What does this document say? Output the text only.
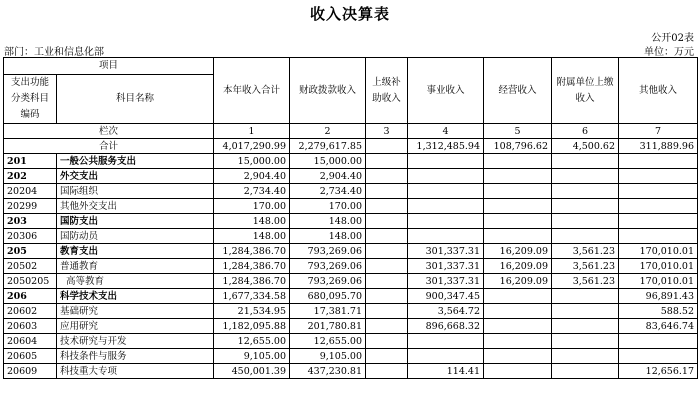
收入决算表
公开02表
部门：工业和信息化部	单位：万元
项目		本年收入合计	财政拨款收入	上级补助收入	事业收入	经营收入	附属单位上缴收入	其他收入
支出功能分类科目编码	科目名称							
栏次		1	2	3	4	5	6	7
合计		4,017,290.99	2,279,617.85		1,312,485.94	108,796.62	4,500.62	311,889.96
201	一般公共服务支出	15,000.00	15,000.00					
202	外交支出	2,904.40	2,904.40					
20204	国际组织	2,734.40	2,734.40					
20299	其他外交支出	170.00	170.00					
203	国防支出	148.00	148.00					
20306	国防动员	148.00	148.00					
205	教育支出	1,284,386.70	793,269.06		301,337.31	16,209.09	3,561.23	170,010.01
20502	普通教育	1,284,386.70	793,269.06		301,337.31	16,209.09	3,561.23	170,010.01
2050205	高等教育	1,284,386.70	793,269.06		301,337.31	16,209.09	3,561.23	170,010.01
206	科学技术支出	1,677,334.58	680,095.70		900,347.45			96,891.43
20602	基础研究	21,534.95	17,381.71		3,564.72			588.52
20603	应用研究	1,182,095.88	201,780.81		896,668.32			83,646.74
20604	技术研究与开发	12,655.00	12,655.00					
20605	科技条件与服务	9,105.00	9,105.00					
20609	科技重大专项	450,001.39	437,230.81		114.41			12,656.17
